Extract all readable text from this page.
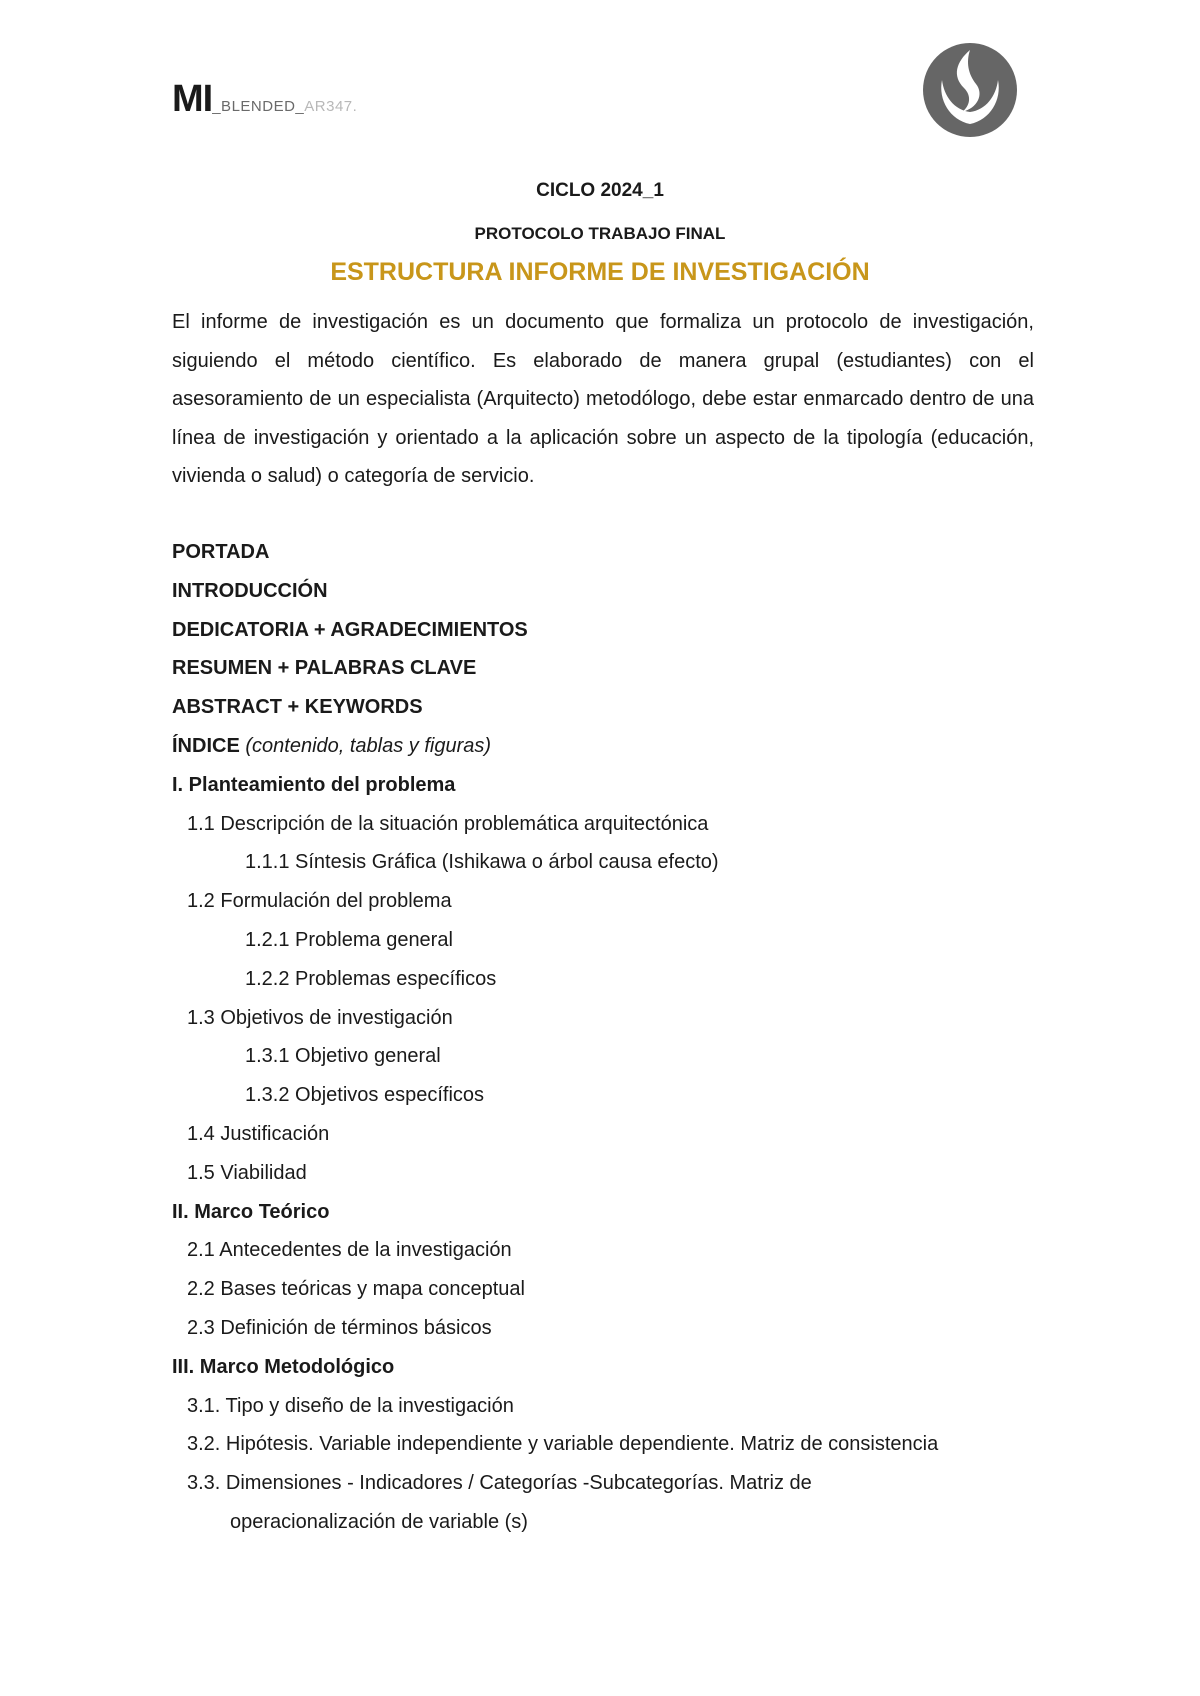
MI _BLENDED_ AR347.
CICLO 2024_1
PROTOCOLO TRABAJO FINAL
ESTRUCTURA INFORME DE INVESTIGACIÓN

El informe de investigación es un documento que formaliza un protocolo de investigación, siguiendo el método científico. Es elaborado de manera grupal (estudiantes) con el asesoramiento de un especialista (Arquitecto) metodólogo, debe estar enmarcado dentro de una línea de investigación y orientado a la aplicación sobre un aspecto de la tipología (educación, vivienda o salud) o categoría de servicio.

PORTADA
INTRODUCCIÓN
DEDICATORIA + AGRADECIMIENTOS
RESUMEN + PALABRAS CLAVE
ABSTRACT + KEYWORDS
ÍNDICE (contenido, tablas y figuras)
I. Planteamiento del problema
1.1 Descripción de la situación problemática arquitectónica
1.1.1 Síntesis Gráfica (Ishikawa o árbol causa efecto)
1.2 Formulación del problema
1.2.1 Problema general
1.2.2 Problemas específicos
1.3 Objetivos de investigación
1.3.1 Objetivo general
1.3.2 Objetivos específicos
1.4 Justificación
1.5 Viabilidad
II. Marco Teórico
2.1 Antecedentes de la investigación
2.2 Bases teóricas y mapa conceptual
2.3 Definición de términos básicos
III. Marco Metodológico
3.1. Tipo y diseño de la investigación
3.2. Hipótesis. Variable independiente y variable dependiente. Matriz de consistencia
3.3. Dimensiones - Indicadores / Categorías -Subcategorías. Matriz de
operacionalización de variable (s)
